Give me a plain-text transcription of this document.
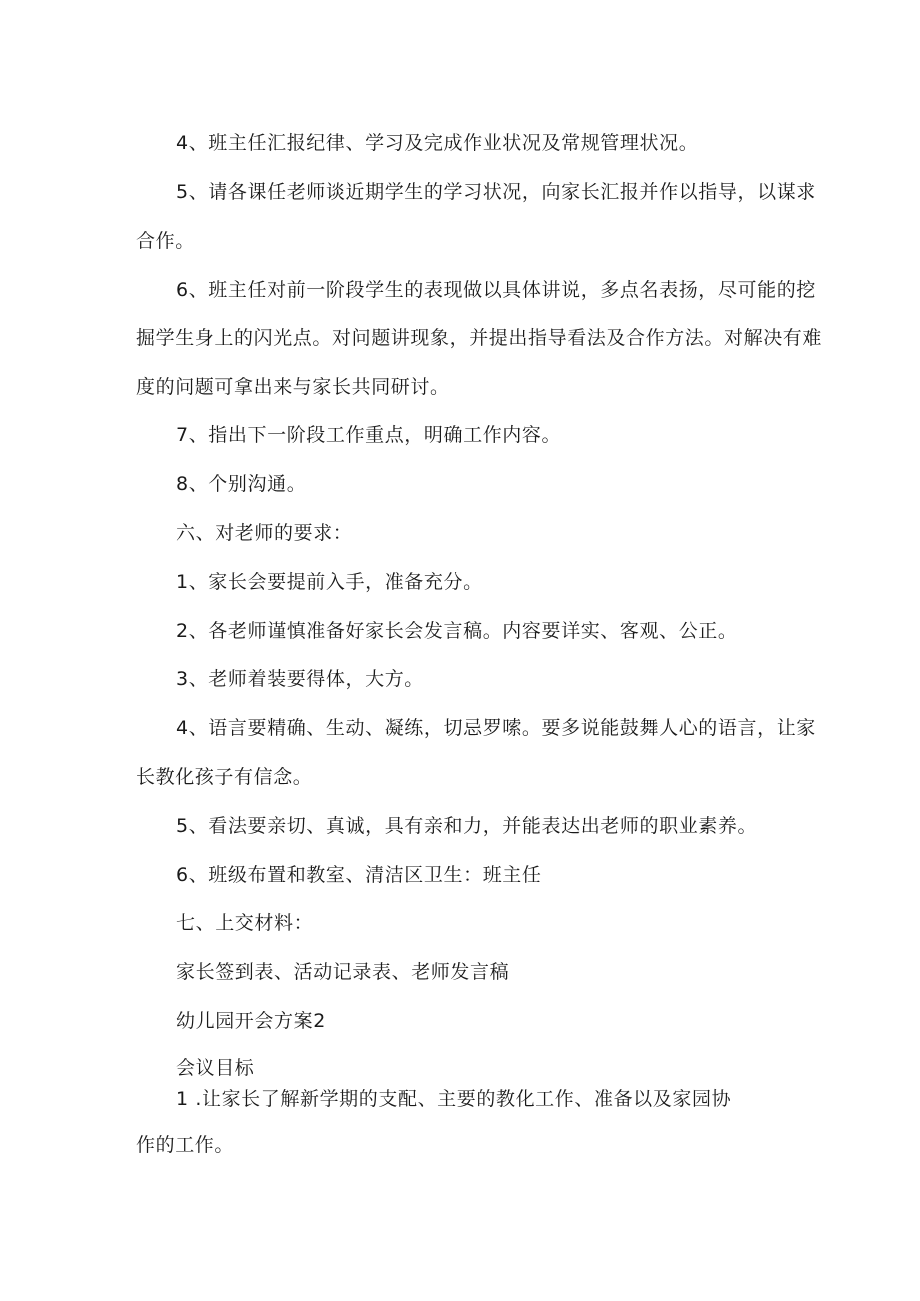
4、班主任汇报纪律、学习及完成作业状况及常规管理状况。
5、请各课任老师谈近期学生的学习状况，向家长汇报并作以指导，以谋求
合作。
6、班主任对前一阶段学生的表现做以具体讲说，多点名表扬，尽可能的挖
掘学生身上的闪光点。对问题讲现象，并提出指导看法及合作方法。对解决有难
度的问题可拿出来与家长共同研讨。
7、指出下一阶段工作重点，明确工作内容。
8、个别沟通。
六、对老师的要求：
1、家长会要提前入手，准备充分。
2、各老师谨慎准备好家长会发言稿。内容要详实、客观、公正。
3、老师着装要得体，大方。
4、语言要精确、生动、凝练，切忌罗嗦。要多说能鼓舞人心的语言，让家
长教化孩子有信念。
5、看法要亲切、真诚，具有亲和力，并能表达出老师的职业素养。
6、班级布置和教室、清洁区卫生：班主任
七、上交材料：
家长签到表、活动记录表、老师发言稿
幼儿园开会方案2
会议目标
1 .让家长了解新学期的支配、主要的教化工作、准备以及家园协
作的工作。
